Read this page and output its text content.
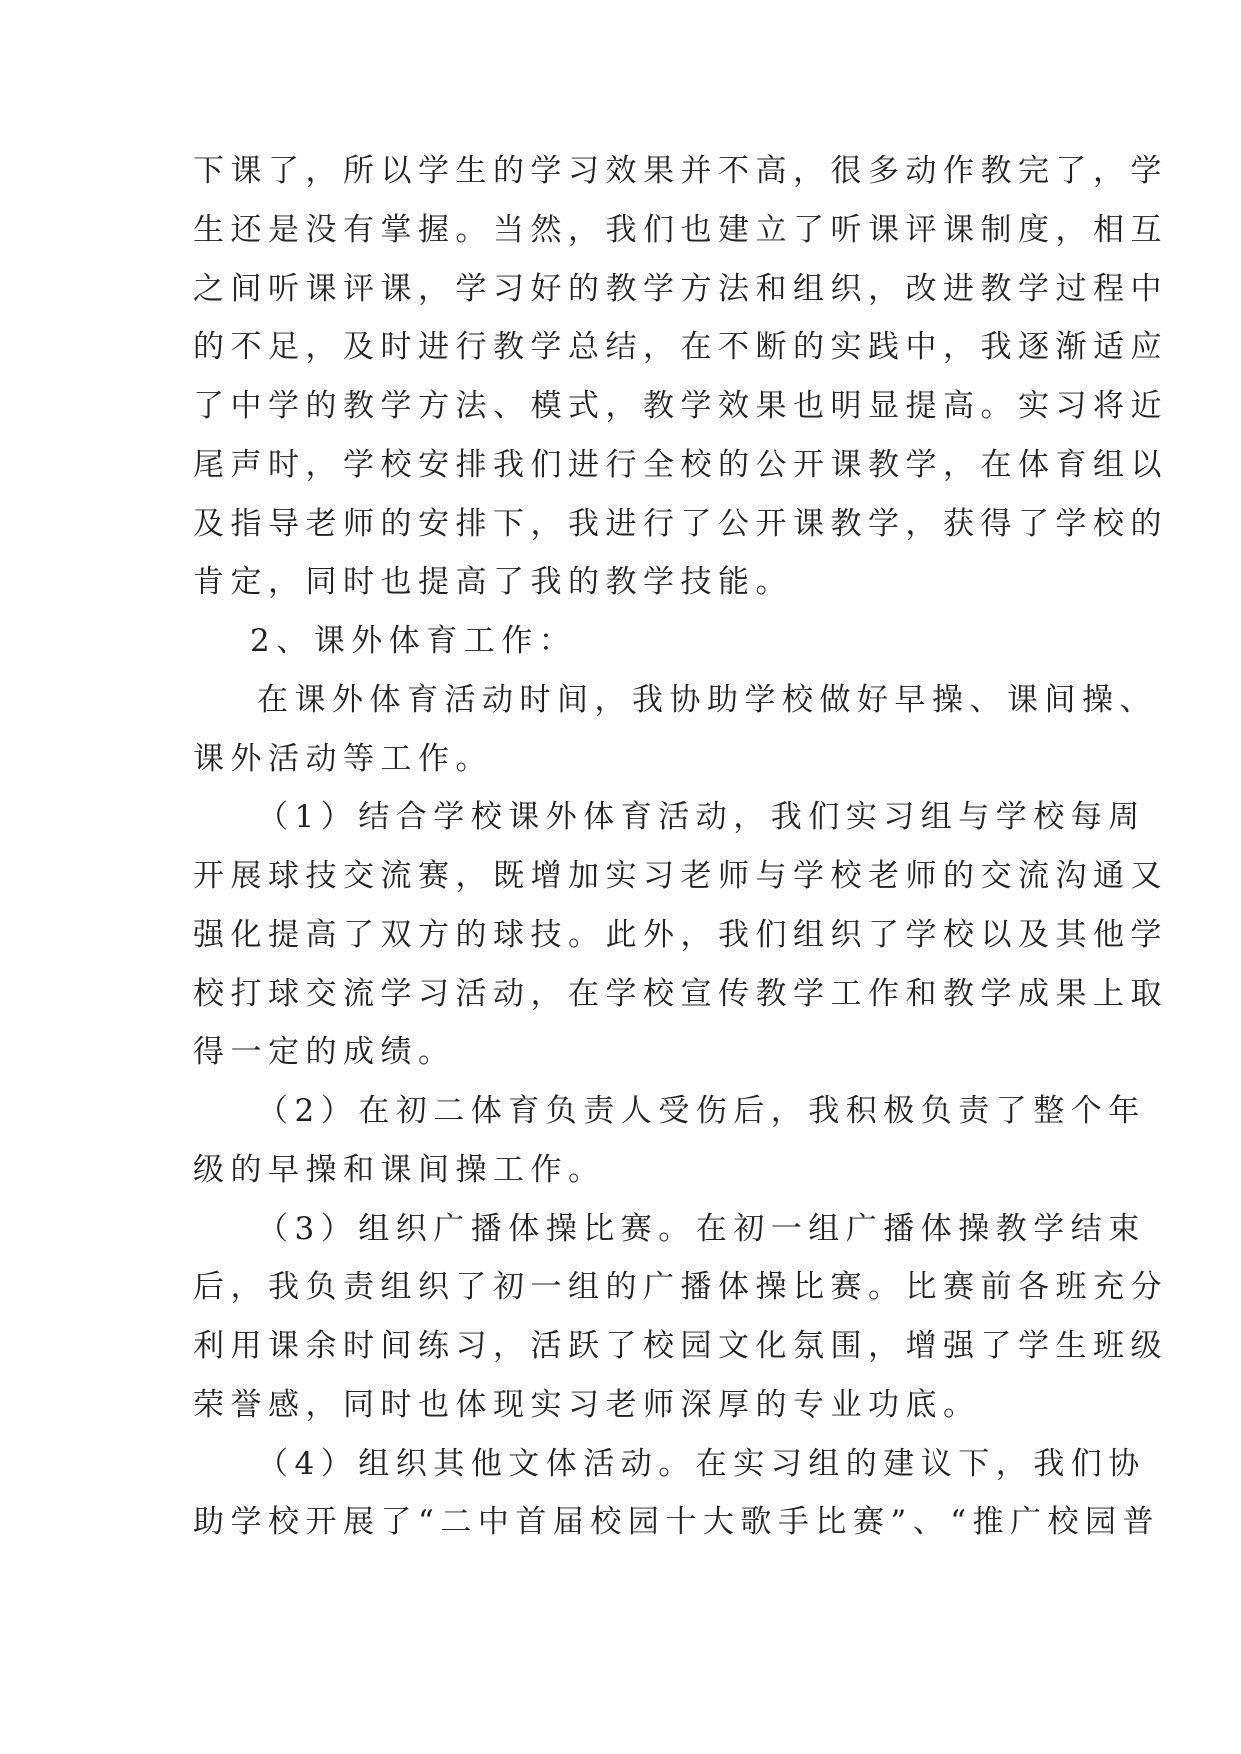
下课了，所以学生的学习效果并不高，很多动作教完了，学

生还是没有掌握。当然，我们也建立了听课评课制度，相互

之间听课评课，学习好的教学方法和组织，改进教学过程中

的不足，及时进行教学总结，在不断的实践中，我逐渐适应

了中学的教学方法、模式，教学效果也明显提高。实习将近

尾声时，学校安排我们进行全校的公开课教学，在体育组以

及指导老师的安排下，我进行了公开课教学，获得了学校的

肯定，同时也提高了我的教学技能。

2、课外体育工作：

在课外体育活动时间，我协助学校做好早操、课间操、

课外活动等工作。

（1）结合学校课外体育活动，我们实习组与学校每周

开展球技交流赛，既增加实习老师与学校老师的交流沟通又

强化提高了双方的球技。此外，我们组织了学校以及其他学

校打球交流学习活动，在学校宣传教学工作和教学成果上取

得一定的成绩。

（2）在初二体育负责人受伤后，我积极负责了整个年

级的早操和课间操工作。

（3）组织广播体操比赛。在初一组广播体操教学结束

后，我负责组织了初一组的广播体操比赛。比赛前各班充分

利用课余时间练习，活跃了校园文化氛围，增强了学生班级

荣誉感，同时也体现实习老师深厚的专业功底。

（4）组织其他文体活动。在实习组的建议下，我们协

助学校开展了“二中首届校园十大歌手比赛”、“推广校园普
